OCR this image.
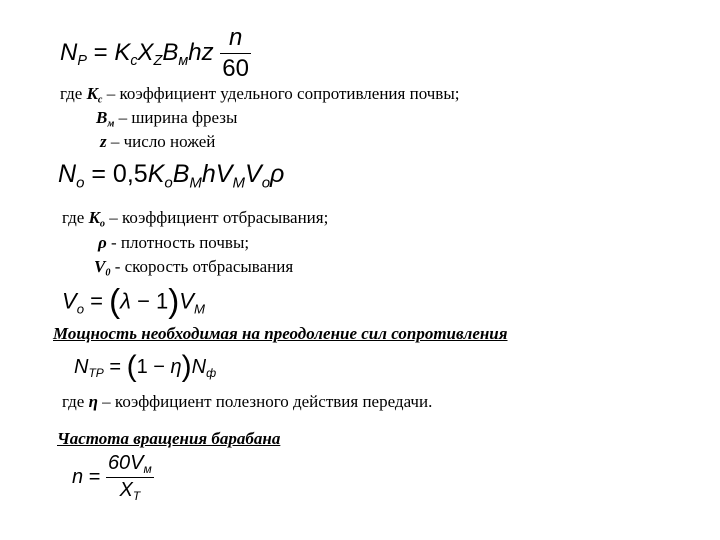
$N_P = K_cX_ZB_мhz \frac{n}{60}$
где $K_c$ – коэффициент удельного сопротивления почвы;
$B_м$ – ширина фрезы
z – число ножей
$N_o = 0,5K_oB_MhV_MV_o\rho$
где $K_o$ – коэффициент отбрасывания;
ρ - плотность почвы;
$V_0$ - скорость отбрасывания
$V_o = (\lambda - 1)V_M$
Мощность необходимая на преодоление сил сопротивления
$N_{TP} = (1 - \eta)N_ф$
где η – коэффициент полезного действия передачи.
Частота вращения барабана
$n = \frac{60V_м}{X_T}$
